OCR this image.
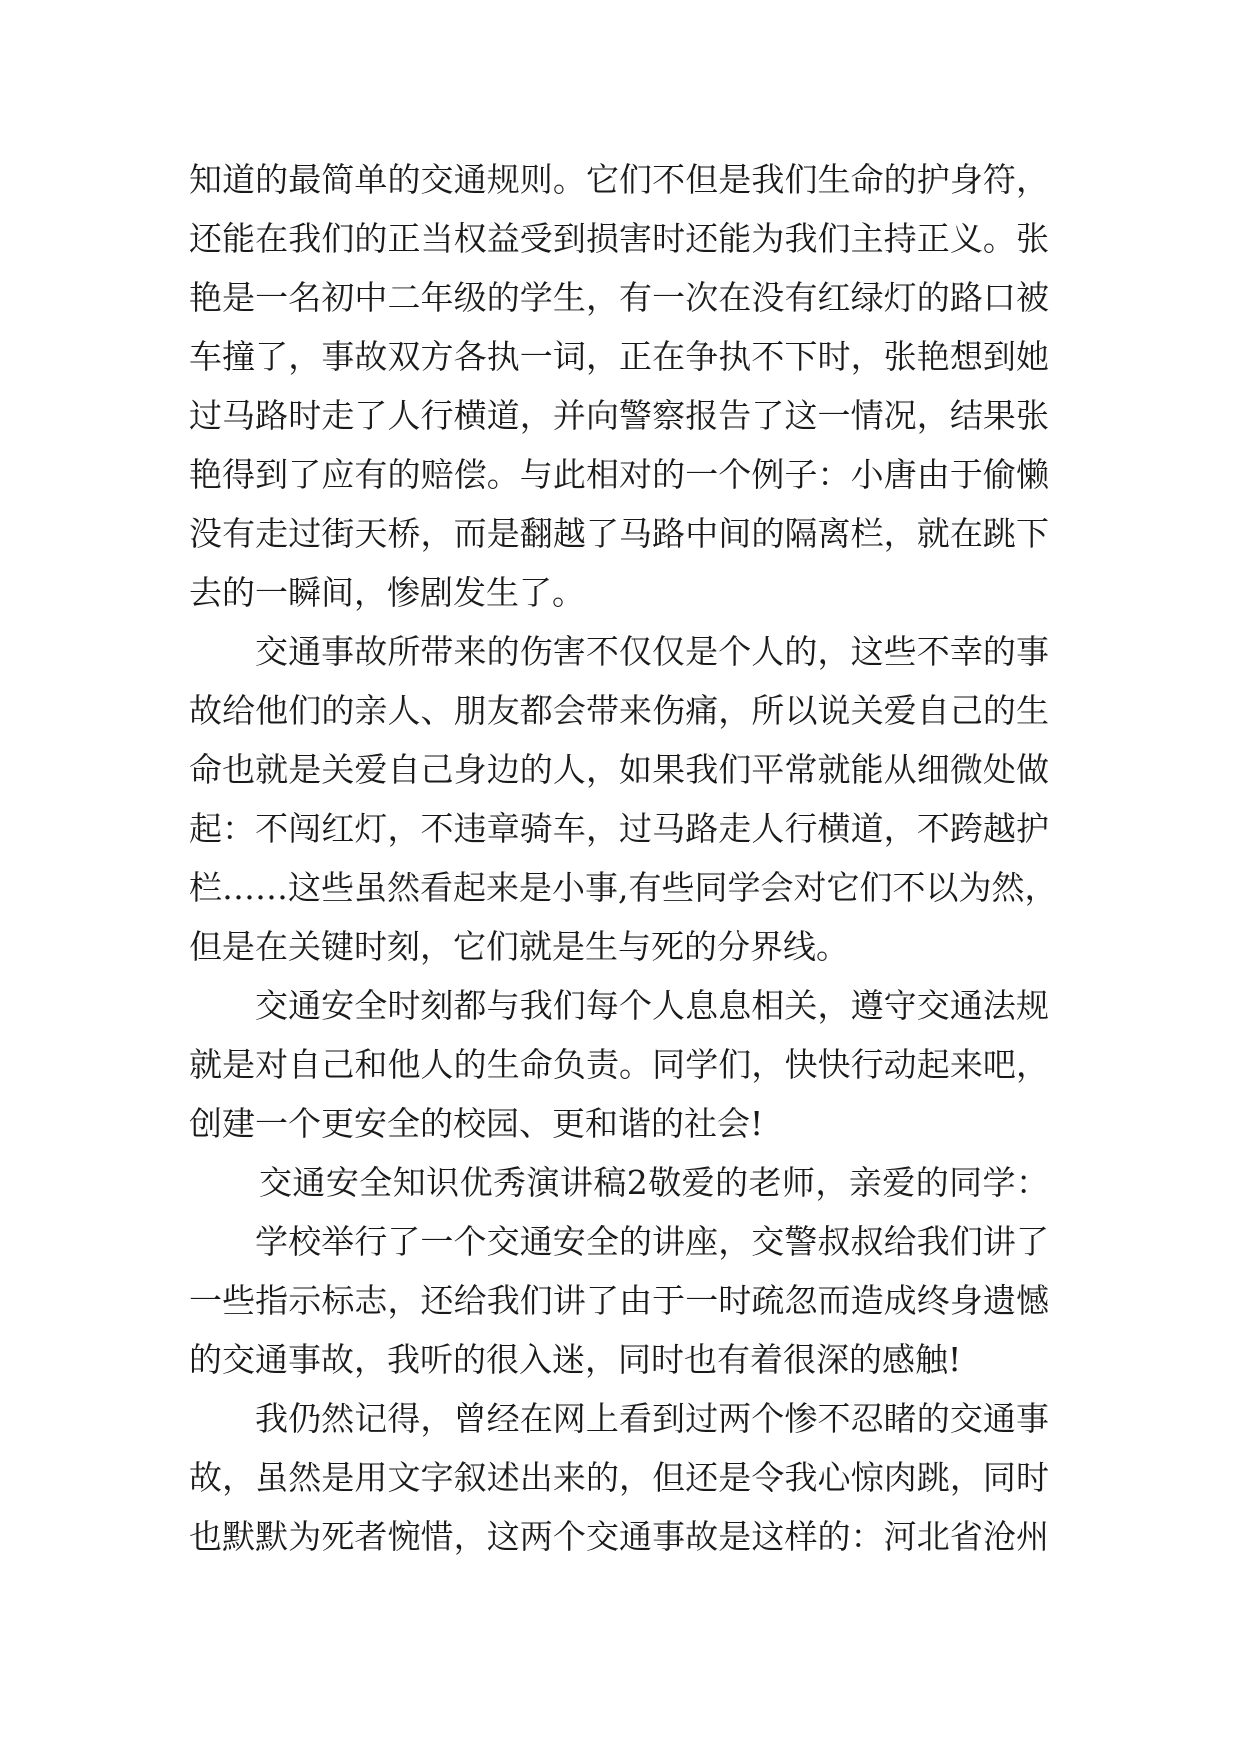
知道的最简单的交通规则。它们不但是我们生命的护身符，
还能在我们的正当权益受到损害时还能为我们主持正义。张
艳是一名初中二年级的学生，有一次在没有红绿灯的路口被
车撞了，事故双方各执一词，正在争执不下时，张艳想到她
过马路时走了人行横道，并向警察报告了这一情况，结果张
艳得到了应有的赔偿。与此相对的一个例子：小唐由于偷懒
没有走过街天桥，而是翻越了马路中间的隔离栏，就在跳下
去的一瞬间，惨剧发生了。
交通事故所带来的伤害不仅仅是个人的，这些不幸的事
故给他们的亲人、朋友都会带来伤痛，所以说关爱自己的生
命也就是关爱自己身边的人，如果我们平常就能从细微处做
起：不闯红灯，不违章骑车，过马路走人行横道，不跨越护
栏……这些虽然看起来是小事,有些同学会对它们不以为然，
但是在关键时刻，它们就是生与死的分界线。
交通安全时刻都与我们每个人息息相关，遵守交通法规
就是对自己和他人的生命负责。同学们，快快行动起来吧，
创建一个更安全的校园、更和谐的社会!
交通安全知识优秀演讲稿2敬爱的老师，亲爱的同学：
学校举行了一个交通安全的讲座，交警叔叔给我们讲了
一些指示标志，还给我们讲了由于一时疏忽而造成终身遗憾
的交通事故，我听的很入迷，同时也有着很深的感触!
我仍然记得，曾经在网上看到过两个惨不忍睹的交通事
故，虽然是用文字叙述出来的，但还是令我心惊肉跳，同时
也默默为死者惋惜，这两个交通事故是这样的：河北省沧州
